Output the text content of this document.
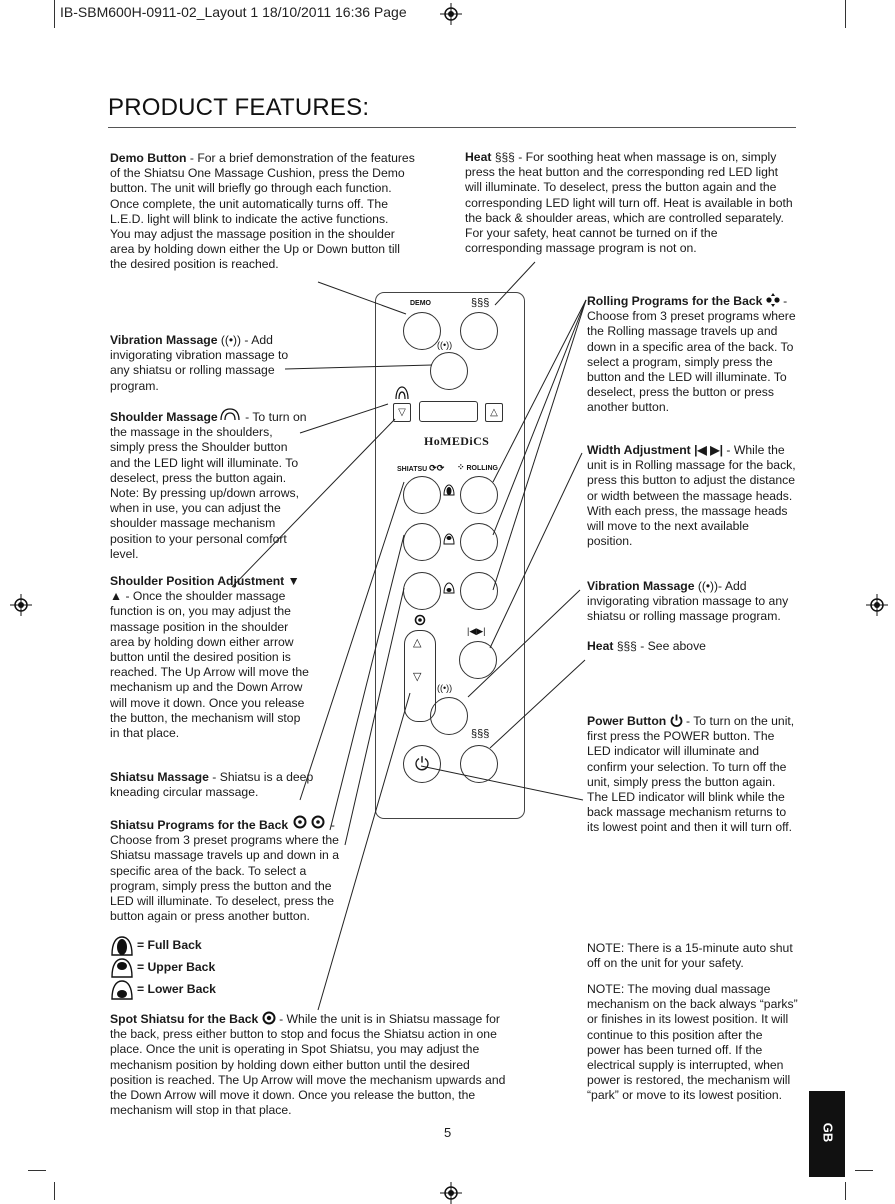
IB-SBM600H-0911-02_Layout 1 18/10/2011 16:36 Page
PRODUCT FEATURES:

Demo Button - For a brief demonstration of the features of the Shiatsu One Massage Cushion, press the Demo button. The unit will briefly go through each function. Once complete, the unit automatically turns off. The L.E.D. light will blink to indicate the active functions.

You may adjust the massage position in the shoulder area by holding down either the Up or Down button till the desired position is reached.

Vibration Massage ((•)) - Add invigorating vibration massage to any shiatsu or rolling massage program.

Shoulder Massage - To turn on the massage in the shoulders, simply press the Shoulder button and the LED light will illuminate. To deselect, press the button again. Note: By pressing up/down arrows, when in use, you can adjust the shoulder massage mechanism position to your personal comfort level.

Shoulder Position Adjustment ▼ ▲ - Once the shoulder massage function is on, you may adjust the massage position in the shoulder area by holding down either arrow button until the desired position is reached. The Up Arrow will move the mechanism up and the Down Arrow will move it down. Once you release the button, the mechanism will stop in that place.

Shiatsu Massage - Shiatsu is a deep kneading circular massage.

Shiatsu Programs for the Back	- Choose from 3 preset programs where the Shiatsu massage travels up and down in a specific area of the back. To select a program, simply press the button and the LED will illuminate. To deselect, press the button again or press another button.

= Full Back
= Upper Back
= Lower Back

Spot Shiatsu for the Back  - While the unit is in Shiatsu massage for the back, press either button to stop and focus the Shiatsu action in one place. Once the unit is operating in Spot Shiatsu, you may adjust the mechanism position by holding down either button until the desired position is reached. The Up Arrow will move the mechanism upwards and the Down Arrow will move it down. Once you release the button, the mechanism will stop in that place.

Heat §§§ - For soothing heat when massage is on, simply press the heat button and the corresponding red LED light will illuminate. To deselect, press the button again and the corresponding LED light will turn off. Heat is available in both the back & shoulder areas, which are controlled separately. For your safety, heat cannot be turned on if the corresponding massage program is not on.

Rolling Programs for the Back  - Choose from 3 preset programs where the Rolling massage travels up and down in a specific area of the back. To select a program, simply press the button and the LED will illuminate. To deselect, press the button or press another button.

Width Adjustment |◀ ▶| - While the unit is in Rolling massage for the back, press this button to adjust the distance or width between the massage heads. With each press, the massage heads will move to the next available position.

Vibration Massage ((•))- Add invigorating vibration massage to any shiatsu or rolling massage program.

Heat §§§ - See above

Power Button  - To turn on the unit, first press the POWER button. The LED indicator will illuminate and confirm your selection. To turn off the unit, simply press the button again. The LED indicator will blink while the back massage mechanism returns to its lowest point and then it will turn off.

NOTE: There is a 15-minute auto shut off on the unit for your safety.
NOTE: The moving dual massage mechanism on the back always “parks” or finishes in its lowest position. It will continue to this position after the power has been turned off. If the electrical supply is interrupted, when power is restored, the mechanism will “park” or move to its lowest position.
DEMO	§§§
((•))
▽	△
HoMEDiCS
SHIATSU ⟳⟳ ⁘ ROLLING
△
▽
|◀▶|
((•))
§§§
⏻
GB
5
